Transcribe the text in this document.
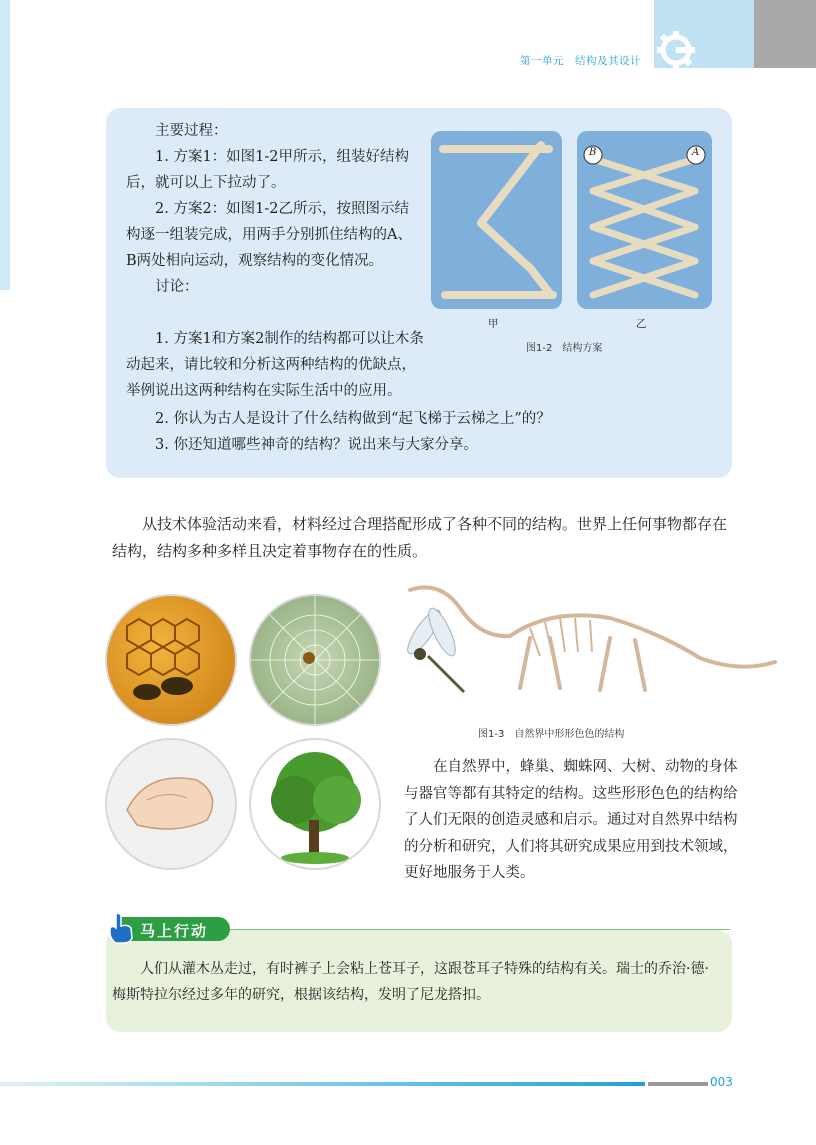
第一单元　结构及其设计

主要过程：

1. 方案1：如图1-2甲所示，组装好结构后，就可以上下拉动了。

2. 方案2：如图1-2乙所示，按照图示结构逐一组装完成，用两手分别抓住结构的A、B两处相向运动，观察结构的变化情况。

讨论：

1. 方案1和方案2制作的结构都可以让木条动起来，请比较和分析这两种结构的优缺点，举例说出这两种结构在实际生活中的应用。

2. 你认为古人是设计了什么结构做到“起飞梯于云梯之上”的？

3. 你还知道哪些神奇的结构？说出来与大家分享。

B	A
甲	乙
图1-2　结构方案

从技术体验活动来看，材料经过合理搭配形成了各种不同的结构。世界上任何事物都存在结构，结构多种多样且决定着事物存在的性质。

图1-3　自然界中形形色色的结构

在自然界中，蜂巢、蜘蛛网、大树、动物的身体与器官等都有其特定的结构。这些形形色色的结构给了人们无限的创造灵感和启示。通过对自然界中结构的分析和研究，人们将其研究成果应用到技术领域，更好地服务于人类。

马上行动

人们从灌木丛走过，有时裤子上会粘上苍耳子，这跟苍耳子特殊的结构有关。瑞士的乔治·德·梅斯特拉尔经过多年的研究，根据该结构，发明了尼龙搭扣。

003
